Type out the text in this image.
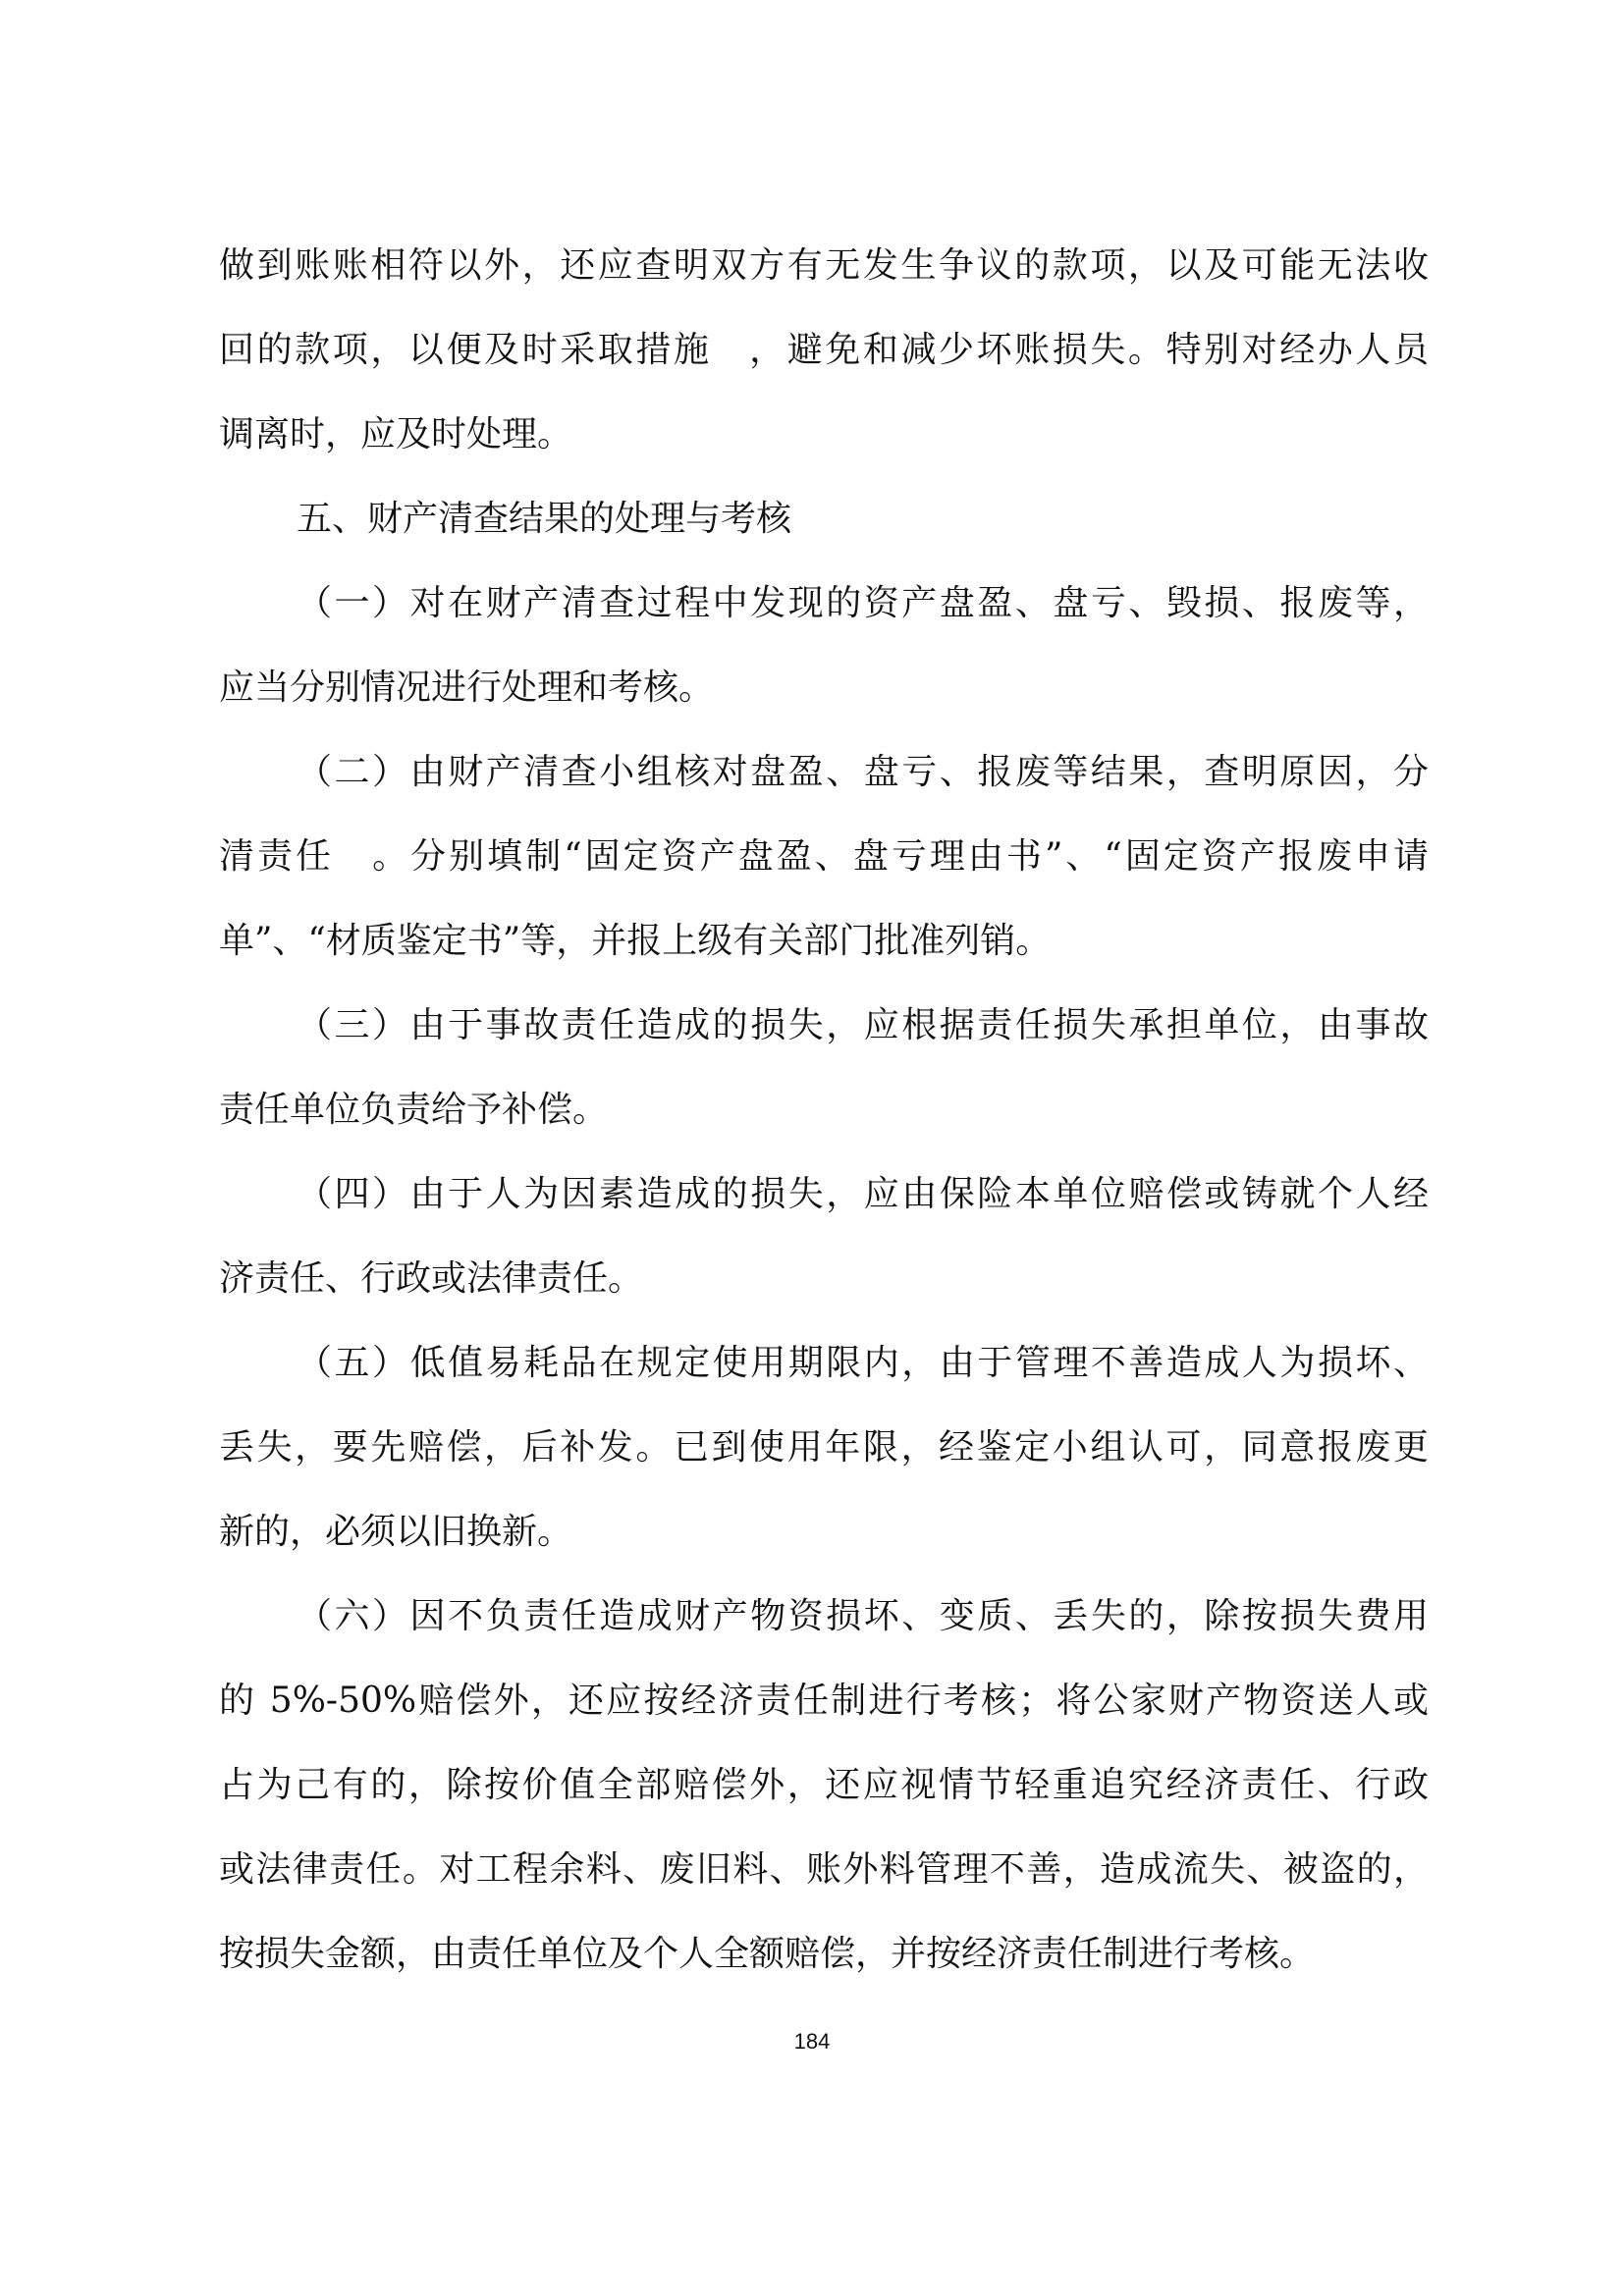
做到账账相符以外，还应查明双方有无发生争议的款项，以及可能无法收
回的款项，以便及时采取措施　，避免和减少坏账损失。特别对经办人员
调离时，应及时处理。
五、财产清查结果的处理与考核
（一）对在财产清查过程中发现的资产盘盈、盘亏、毁损、报废等，
应当分别情况进行处理和考核。
（二）由财产清查小组核对盘盈、盘亏、报废等结果，查明原因，分
清责任　。分别填制“固定资产盘盈、盘亏理由书”、“固定资产报废申请
单”、“材质鉴定书”等，并报上级有关部门批准列销。
（三）由于事故责任造成的损失，应根据责任损失承担单位，由事故
责任单位负责给予补偿。
（四）由于人为因素造成的损失，应由保险本单位赔偿或铸就个人经
济责任、行政或法律责任。
（五）低值易耗品在规定使用期限内，由于管理不善造成人为损坏、
丢失，要先赔偿，后补发。已到使用年限，经鉴定小组认可，同意报废更
新的，必须以旧换新。
（六）因不负责任造成财产物资损坏、变质、丢失的，除按损失费用
的 5%-50%赔偿外，还应按经济责任制进行考核；将公家财产物资送人或
占为己有的，除按价值全部赔偿外，还应视情节轻重追究经济责任、行政
或法律责任。对工程余料、废旧料、账外料管理不善，造成流失、被盗的，
按损失金额，由责任单位及个人全额赔偿，并按经济责任制进行考核。
184
